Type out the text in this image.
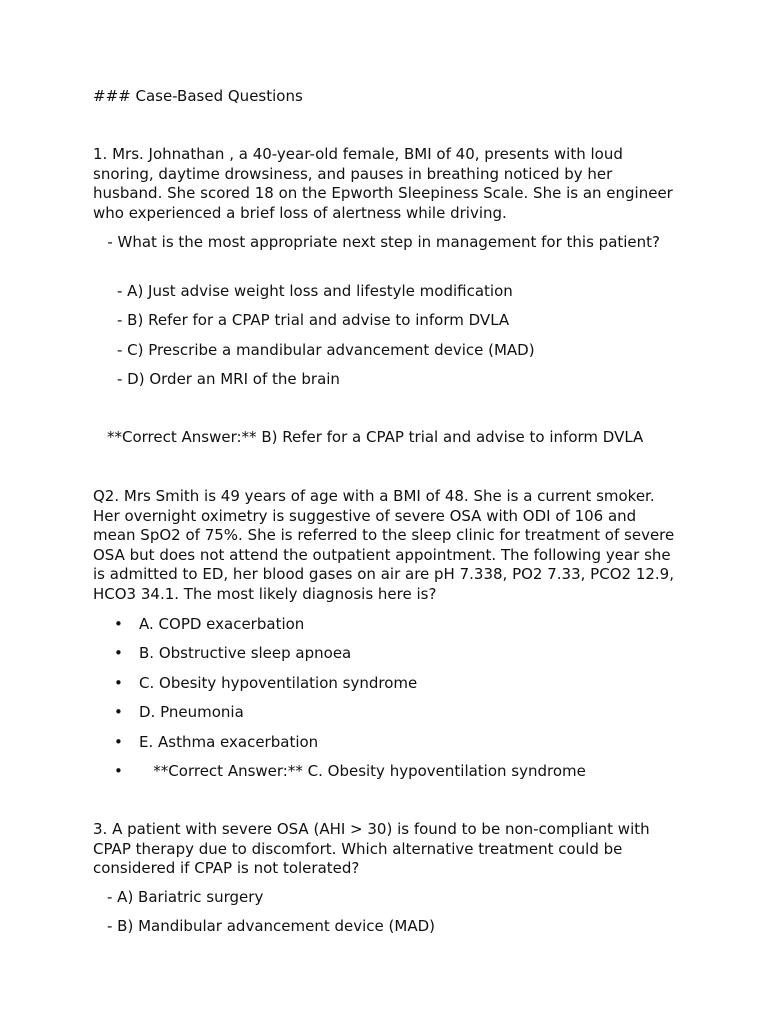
### Case-Based Questions
1. Mrs. Johnathan , a 40-year-old female, BMI of 40, presents with loud snoring, daytime drowsiness, and pauses in breathing noticed by her husband. She scored 18 on the Epworth Sleepiness Scale. She is an engineer who experienced a brief loss of alertness while driving.
- What is the most appropriate next step in management for this patient?
- A) Just advise weight loss and lifestyle modification
- B) Refer for a CPAP trial and advise to inform DVLA
- C) Prescribe a mandibular advancement device (MAD)
- D) Order an MRI of the brain
**Correct Answer:** B) Refer for a CPAP trial and advise to inform DVLA
Q2. Mrs Smith is 49 years of age with a BMI of 48. She is a current smoker. Her overnight oximetry is suggestive of severe OSA with ODI of 106 and mean SpO2 of 75%. She is referred to the sleep clinic for treatment of severe OSA but does not attend the outpatient appointment. The following year she is admitted to ED, her blood gases on air are pH 7.338, PO2 7.33, PCO2 12.9, HCO3 34.1. The most likely diagnosis here is?
• A. COPD exacerbation
• B. Obstructive sleep apnoea
• C. Obesity hypoventilation syndrome
• D. Pneumonia
• E. Asthma exacerbation
• **Correct Answer:** C. Obesity hypoventilation syndrome
3. A patient with severe OSA (AHI > 30) is found to be non-compliant with CPAP therapy due to discomfort. Which alternative treatment could be considered if CPAP is not tolerated?
- A) Bariatric surgery
- B) Mandibular advancement device (MAD)
